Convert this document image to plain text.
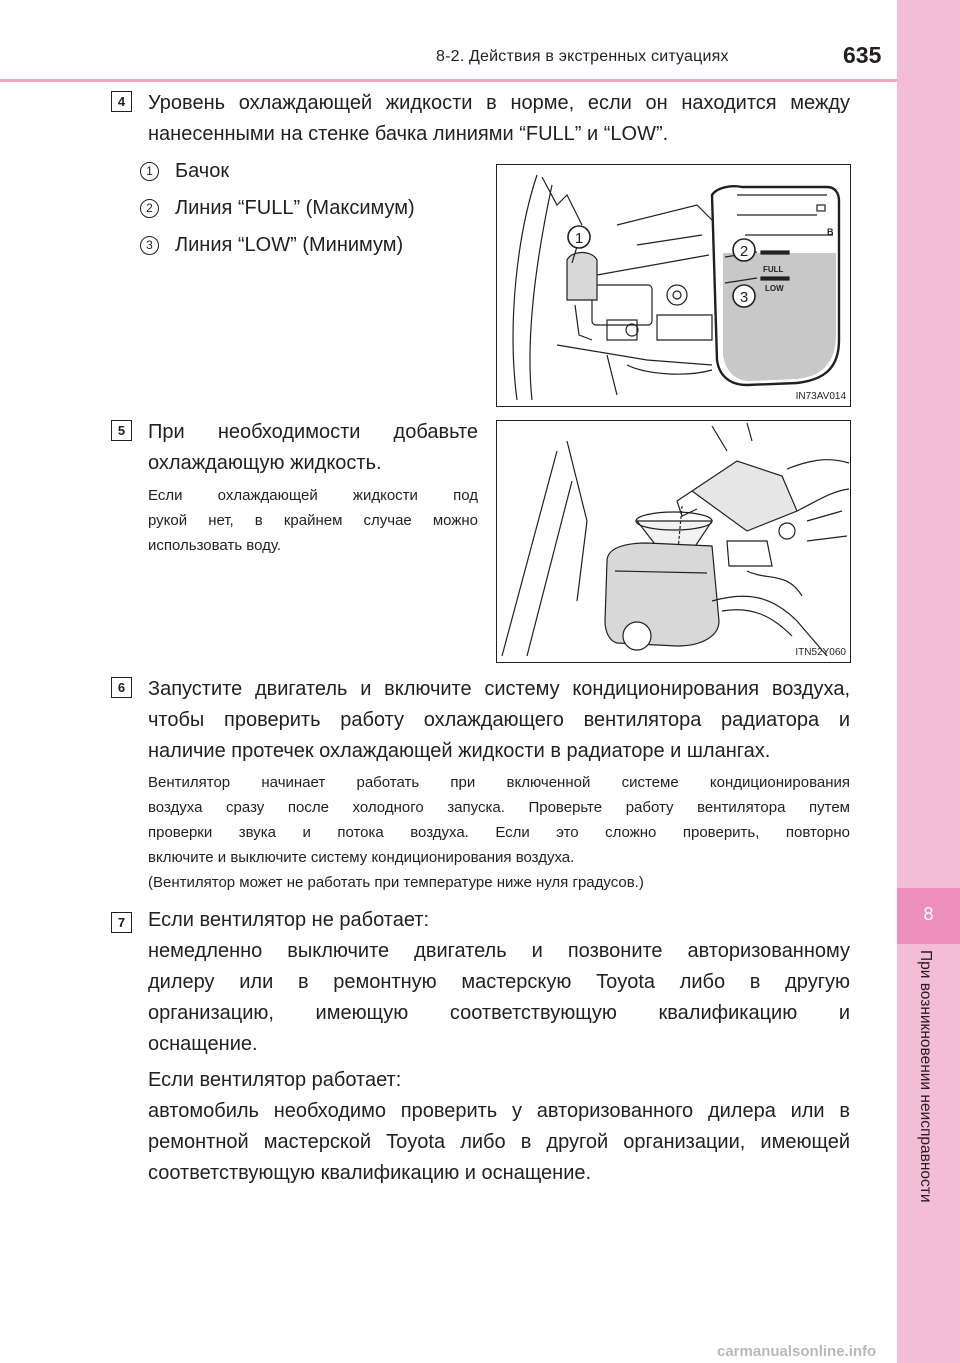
8-2. Действия в экстренных ситуациях	635
8
При возникновении неисправности
4	Уровень охлаждающей жидкости в норме, если он находится между
нанесенными на стенке бачка линиями “FULL” и “LOW”.
1	Бачок
2	Линия “FULL” (Максимум)
3	Линия “LOW” (Минимум)	1
2
3
B
FULL
LOW
IN73AV014
5	При необходимости добавьте
охлаждающую жидкость.
Если охлаждающей жидкости под
рукой нет, в крайнем случае можно
использовать воду.
ITN52Y060
6	Запустите двигатель и включите систему кондиционирования воздуха,
чтобы проверить работу охлаждающего вентилятора радиатора и
наличие протечек охлаждающей жидкости в радиаторе и шлангах.
Вентилятор начинает работать при включенной системе кондиционирования
воздуха сразу после холодного запуска. Проверьте работу вентилятора путем
проверки звука и потока воздуха. Если это сложно проверить, повторно
включите и выключите систему кондиционирования воздуха.
(Вентилятор может не работать при температуре ниже нуля градусов.)
7	Если вентилятор не работает:
немедленно выключите двигатель и позвоните авторизованному
дилеру или в ремонтную мастерскую Toyota либо в другую
организацию, имеющую соответствующую квалификацию и
оснащение.
Если вентилятор работает:
автомобиль необходимо проверить у авторизованного дилера или в
ремонтной мастерской Toyota либо в другой организации, имеющей
соответствующую квалификацию и оснащение.
carmanualsonline.info
